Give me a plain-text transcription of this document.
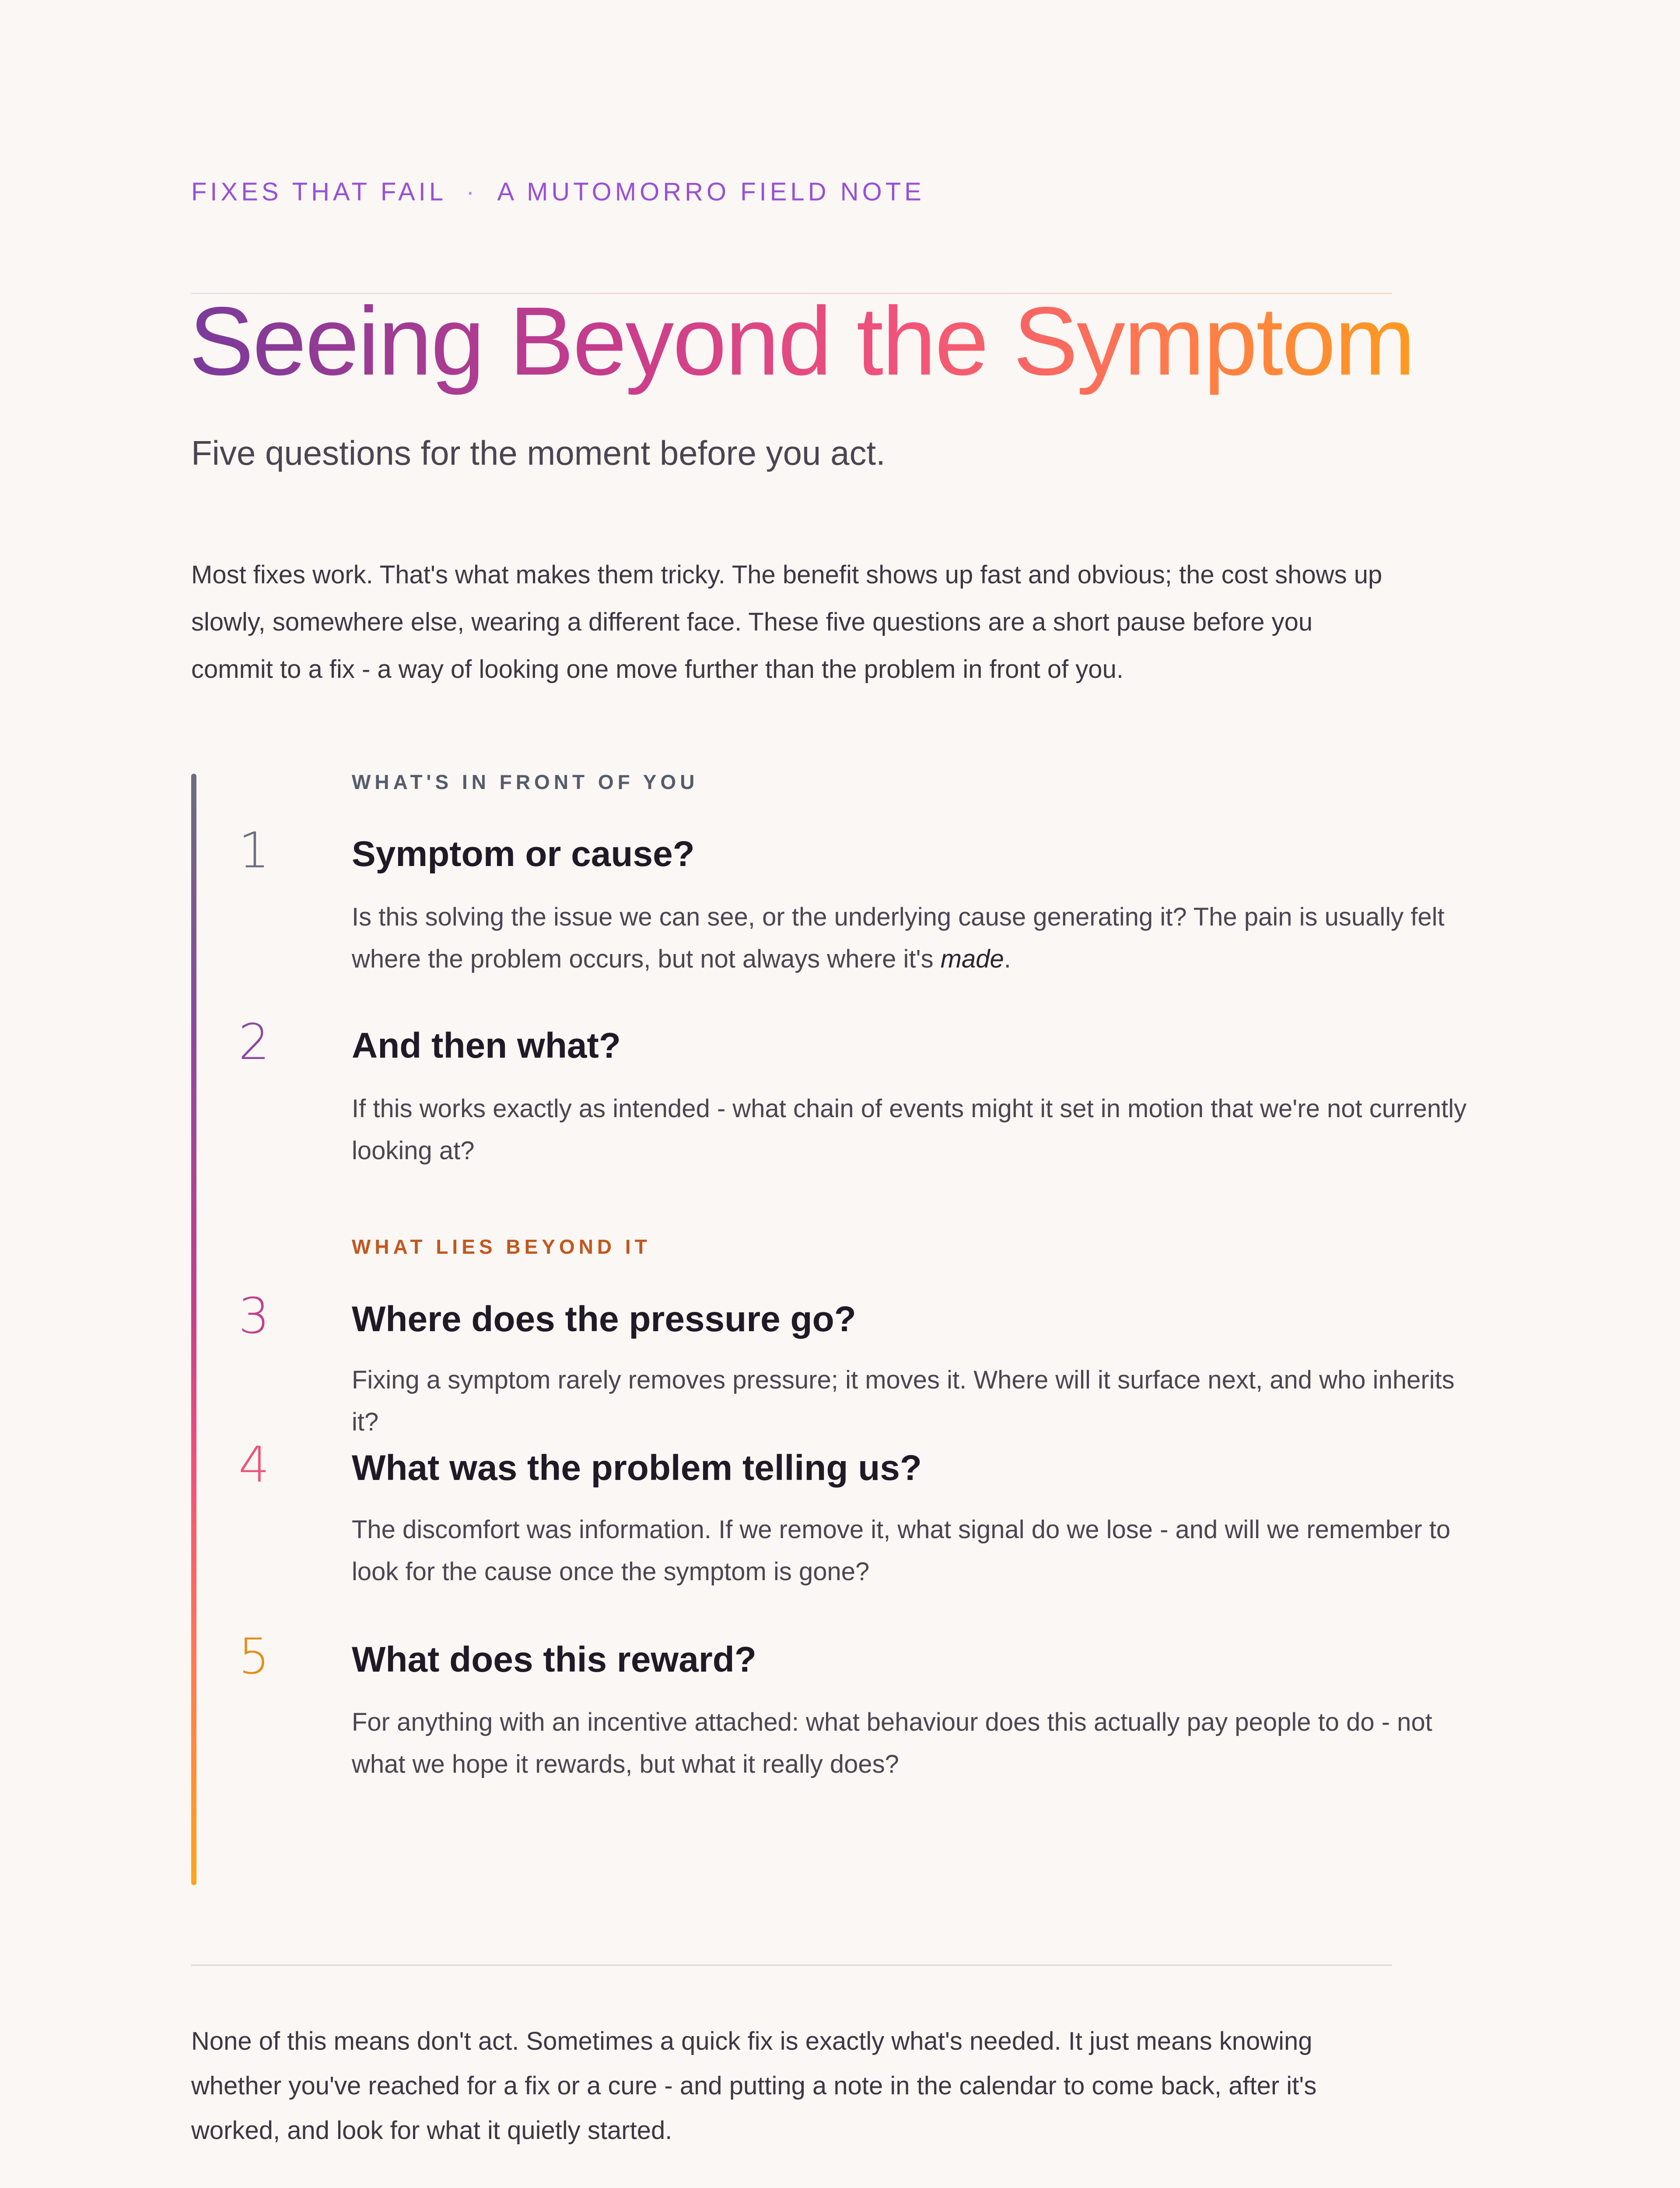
FIXES THAT FAIL · A MUTOMORRO FIELD NOTE
Seeing Beyond the Symptom
Five questions for the moment before you act.
Most fixes work. That's what makes them tricky. The benefit shows up fast and obvious; the cost shows up slowly, somewhere else, wearing a different face. These five questions are a short pause before you commit to a fix - a way of looking one move further than the problem in front of you.
WHAT'S IN FRONT OF YOU
1 Symptom or cause?
Is this solving the issue we can see, or the underlying cause generating it? The pain is usually felt where the problem occurs, but not always where it's made.
2 And then what?
If this works exactly as intended - what chain of events might it set in motion that we're not currently looking at?
WHAT LIES BEYOND IT
3 Where does the pressure go?
Fixing a symptom rarely removes pressure; it moves it. Where will it surface next, and who inherits it?
4 What was the problem telling us?
The discomfort was information. If we remove it, what signal do we lose - and will we remember to look for the cause once the symptom is gone?
5 What does this reward?
For anything with an incentive attached: what behaviour does this actually pay people to do - not what we hope it rewards, but what it really does?
None of this means don't act. Sometimes a quick fix is exactly what's needed. It just means knowing whether you've reached for a fix or a cure - and putting a note in the calendar to come back, after it's worked, and look for what it quietly started.
